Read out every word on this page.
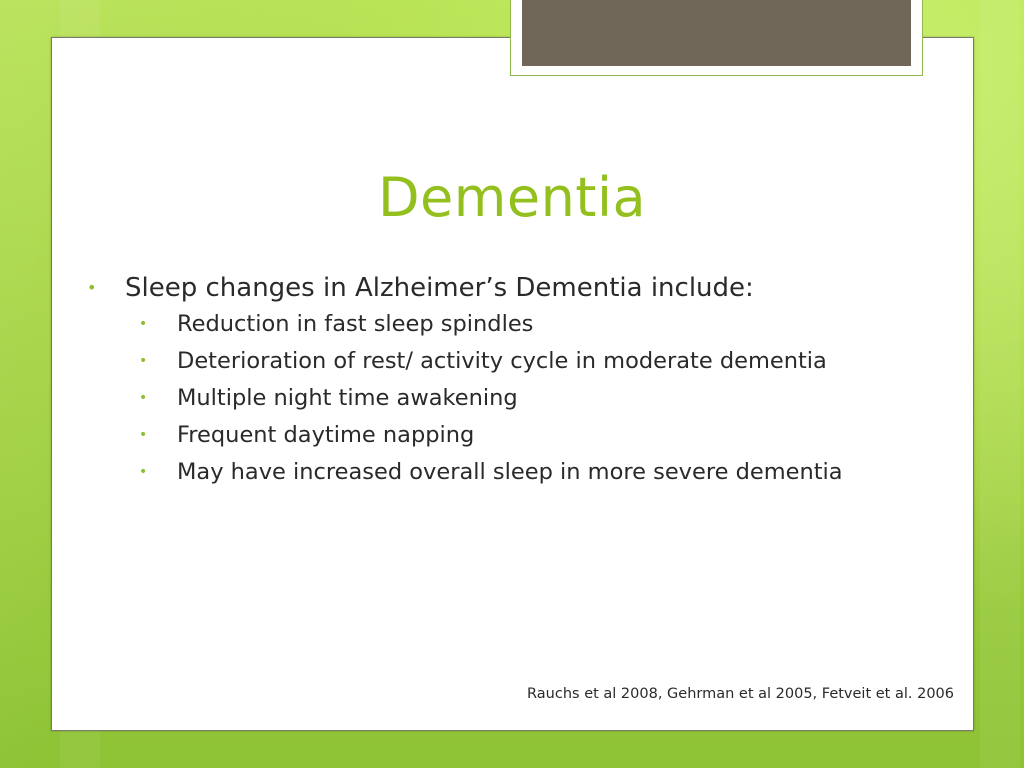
Dementia
• Sleep changes in Alzheimer’s Dementia include:
• Reduction in fast sleep spindles
• Deterioration of rest/ activity cycle in moderate dementia
• Multiple night time awakening
• Frequent daytime napping
• May have increased overall sleep in more severe dementia
Rauchs et al 2008, Gehrman et al 2005, Fetveit et al. 2006
